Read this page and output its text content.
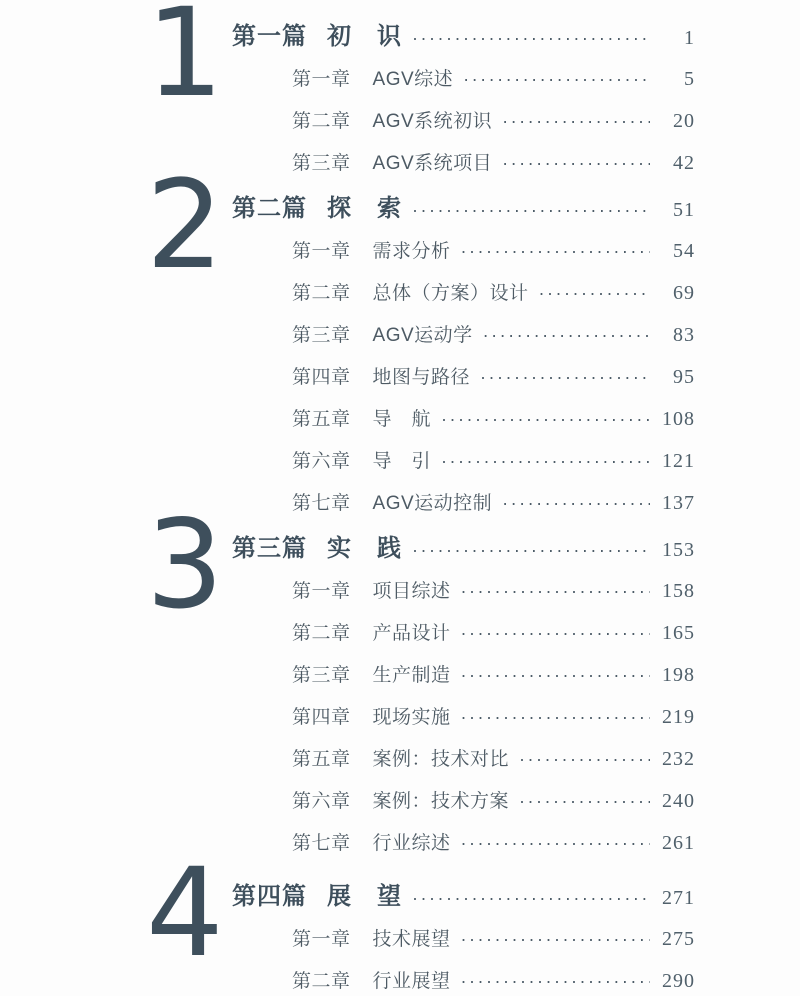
1 第一篇 初　识 ·····	1
第一章 AGV综述 ·····	5
第二章 AGV系统初识 ·····	20
第三章 AGV系统项目 ·····	42
2 第二篇 探　索 ·····	51
第一章 需求分析 ·····	54
第二章 总体（方案）设计 ·····	69
第三章 AGV运动学 ·····	83
第四章 地图与路径 ·····	95
第五章 导　航 ·····	108
第六章 导　引 ·····	121
第七章 AGV运动控制 ·····	137
3 第三篇 实　践 ·····	153
第一章 项目综述 ·····	158
第二章 产品设计 ·····	165
第三章 生产制造 ·····	198
第四章 现场实施 ·····	219
第五章 案例：技术对比 ·····	232
第六章 案例：技术方案 ·····	240
第七章 行业综述 ·····	261
4 第四篇 展　望 ·····	271
第一章 技术展望 ·····	275
第二章 行业展望 ·····	290
